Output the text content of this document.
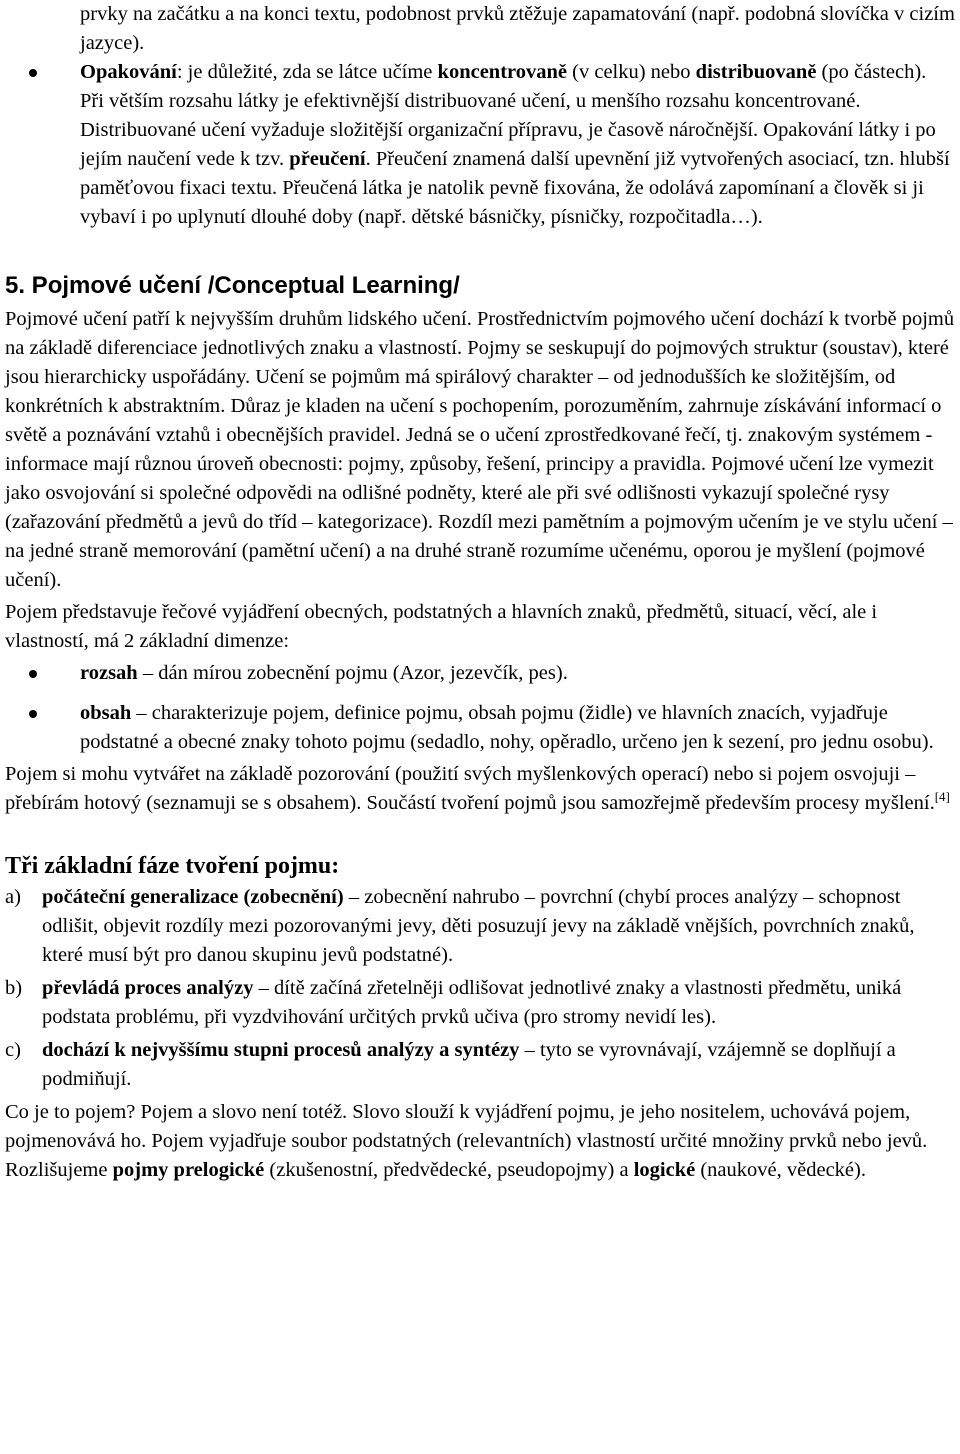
prvky na začátku a na konci textu, podobnost prvků ztěžuje zapamatování (např. podobná slovíčka v cizím jazyce).

Opakování: je důležité, zda se látce učíme koncentrovaně (v celku) nebo distribuovaně (po částech). Při větším rozsahu látky je efektivnější distribuované učení, u menšího rozsahu koncentrované. Distribuované učení vyžaduje složitější organizační přípravu, je časově náročnější. Opakování látky i po jejím naučení vede k tzv. přeučení. Přeučení znamená další upevnění již vytvořených asociací, tzn. hlubší paměťovou fixaci textu. Přeučená látka je natolik pevně fixována, že odolává zapomínaní a člověk si ji vybaví i po uplynutí dlouhé doby (např. dětské básničky, písničky, rozpočitadla…).

5. Pojmové učení /Conceptual Learning/

Pojmové učení patří k nejvyšším druhům lidského učení. Prostřednictvím pojmového učení dochází k tvorbě pojmů na základě diferenciace jednotlivých znaku a vlastností. Pojmy se seskupují do pojmových struktur (soustav), které jsou hierarchicky uspořádány. Učení se pojmům má spirálový charakter – od jednodušších ke složitějším, od konkrétních k abstraktním. Důraz je kladen na učení s pochopením, porozuměním, zahrnuje získávání informací o světě a poznávání vztahů i obecnějších pravidel. Jedná se o učení zprostředkované řečí, tj. znakovým systémem - informace mají různou úroveň obecnosti: pojmy, způsoby, řešení, principy a pravidla. Pojmové učení lze vymezit jako osvojování si společné odpovědi na odlišné podněty, které ale při své odlišnosti vykazují společné rysy (zařazování předmětů a jevů do tříd – kategorizace). Rozdíl mezi pamětním a pojmovým učením je ve stylu učení – na jedné straně memorování (pamětní učení) a na druhé straně rozumíme učenému, oporou je myšlení (pojmové učení).

Pojem představuje řečové vyjádření obecných, podstatných a hlavních znaků, předmětů, situací, věcí, ale i vlastností, má 2 základní dimenze:

rozsah – dán mírou zobecnění pojmu (Azor, jezevčík, pes).

obsah – charakterizuje pojem, definice pojmu, obsah pojmu (židle) ve hlavních znacích, vyjadřuje podstatné a obecné znaky tohoto pojmu (sedadlo, nohy, opěradlo, určeno jen k sezení, pro jednu osobu).

Pojem si mohu vytvářet na základě pozorování (použití svých myšlenkových operací) nebo si pojem osvojuji – přebírám hotový (seznamuji se s obsahem). Součástí tvoření pojmů jsou samozřejmě především procesy myšlení.[4]

Tři základní fáze tvoření pojmu:
a) počáteční generalizace (zobecnění) – zobecnění nahrubo – povrchní (chybí proces analýzy – schopnost odlišit, objevit rozdíly mezi pozorovanými jevy, děti posuzují jevy na základě vnějších, povrchních znaků, které musí být pro danou skupinu jevů podstatné).

b) převládá proces analýzy – dítě začíná zřetelněji odlišovat jednotlivé znaky a vlastnosti předmětu, uniká podstata problému, při vyzdvihování určitých prvků učiva (pro stromy nevidí les).

c) dochází k nejvyššímu stupni procesů analýzy a syntézy – tyto se vyrovnávají, vzájemně se doplňují a podmiňují.

Co je to pojem? Pojem a slovo není totéž. Slovo slouží k vyjádření pojmu, je jeho nositelem, uchovává pojem, pojmenovává ho. Pojem vyjadřuje soubor podstatných (relevantních) vlastností určité množiny prvků nebo jevů. Rozlišujeme pojmy prelogické (zkušenostní, předvědecké, pseudopojmy) a logické (naukové, vědecké).
